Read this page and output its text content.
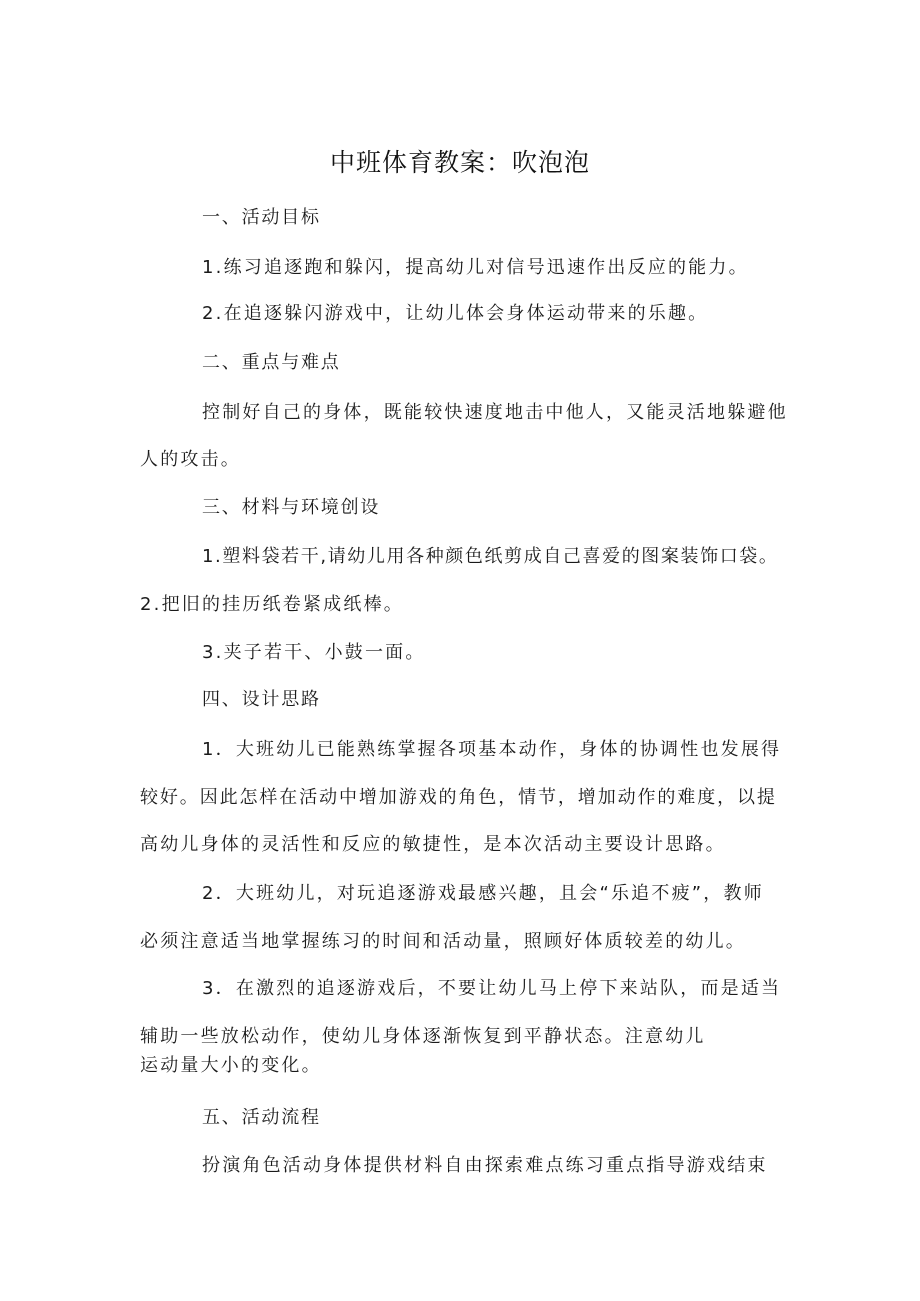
中班体育教案：吹泡泡
一、活动目标
1.练习追逐跑和躲闪，提高幼儿对信号迅速作出反应的能力。
2.在追逐躲闪游戏中，让幼儿体会身体运动带来的乐趣。
二、重点与难点
控制好自己的身体，既能较快速度地击中他人，又能灵活地躲避他
人的攻击。
三、材料与环境创设
1.塑料袋若干,请幼儿用各种颜色纸剪成自己喜爱的图案装饰口袋。
2.把旧的挂历纸卷紧成纸棒。
3.夹子若干、小鼓一面。
四、设计思路
1．大班幼儿已能熟练掌握各项基本动作，身体的协调性也发展得
较好。因此怎样在活动中增加游戏的角色，情节，增加动作的难度，以提
高幼儿身体的灵活性和反应的敏捷性，是本次活动主要设计思路。
2．大班幼儿，对玩追逐游戏最感兴趣，且会“乐追不疲”，教师
必须注意适当地掌握练习的时间和活动量，照顾好体质较差的幼儿。
3．在激烈的追逐游戏后，不要让幼儿马上停下来站队，而是适当
辅助一些放松动作，使幼儿身体逐渐恢复到平静状态。注意幼儿
运动量大小的变化。
五、活动流程
扮演角色活动身体提供材料自由探索难点练习重点指导游戏结束
